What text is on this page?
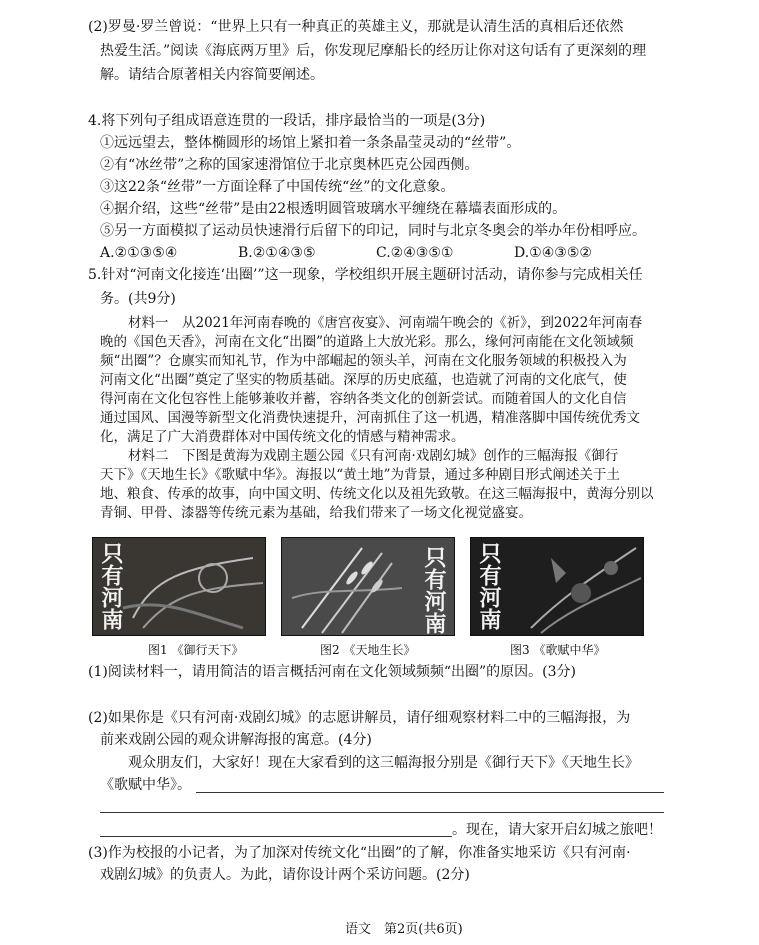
(2)罗曼·罗兰曾说：“世界上只有一种真正的英雄主义，那就是认清生活的真相后还依然
热爱生活。”阅读《海底两万里》后，你发现尼摩船长的经历让你对这句话有了更深刻的理
解。请结合原著相关内容简要阐述。
4.将下列句子组成语意连贯的一段话，排序最恰当的一项是(3分)
①远远望去，整体椭圆形的场馆上紧扣着一条条晶莹灵动的“丝带”。
②有“冰丝带”之称的国家速滑馆位于北京奥林匹克公园西侧。
③这22条“丝带”一方面诠释了中国传统“丝”的文化意象。
④据介绍，这些“丝带”是由22根透明圆管玻璃水平缠绕在幕墙表面形成的。
⑤另一方面模拟了运动员快速滑行后留下的印记，同时与北京冬奥会的举办年份相呼应。
A.②①③⑤④	B.②①④③⑤	C.②④③⑤①	D.①④③⑤②
5.针对“河南文化接连‘出圈’”这一现象，学校组织开展主题研讨活动，请你参与完成相关任
务。(共9分)
材料一　从2021年河南春晚的《唐宫夜宴》、河南端午晚会的《祈》，到2022年河南春
晚的《国色天香》，河南在文化“出圈”的道路上大放光彩。那么，缘何河南能在文化领域频
频“出圈”？仓廪实而知礼节，作为中部崛起的领头羊，河南在文化服务领域的积极投入为
河南文化“出圈”奠定了坚实的物质基础。深厚的历史底蕴，也造就了河南的文化底气，使
得河南在文化包容性上能够兼收并蓄，容纳各类文化的创新尝试。而随着国人的文化自信
通过国风、国漫等新型文化消费快速提升，河南抓住了这一机遇，精准落脚中国传统优秀文
化，满足了广大消费群体对中国传统文化的情感与精神需求。
材料二　下图是黄海为戏剧主题公园《只有河南·戏剧幻城》创作的三幅海报《御行
天下》《天地生长》《歌赋中华》。海报以“黄土地”为背景，通过多种剧目形式阐述关于土
地、粮食、传承的故事，向中国文明、传统文化以及祖先致敬。在这三幅海报中，黄海分别以
只有河南	只有河南 只有河南
图1 《御行天下》	图2 《天地生长》	图3 《歌赋中华》
(1)阅读材料一，请用简洁的语言概括河南在文化领域频频“出圈”的原因。(3分)
(2)如果你是《只有河南·戏剧幻城》的志愿讲解员，请仔细观察材料二中的三幅海报，为
前来戏剧公园的观众讲解海报的寓意。(4分)
观众朋友们，大家好！现在大家看到的这三幅海报分别是《御行天下》《天地生长》
《歌赋中华》。
。现在，请大家开启幻城之旅吧！
(3)作为校报的小记者，为了加深对传统文化“出圈”的了解，你准备实地采访《只有河南·
戏剧幻城》的负责人。为此，请你设计两个采访问题。(2分)
语文　第2页(共6页)
青铜、甲骨、漆器等传统元素为基础，给我们带来了一场文化视觉盛宴。
